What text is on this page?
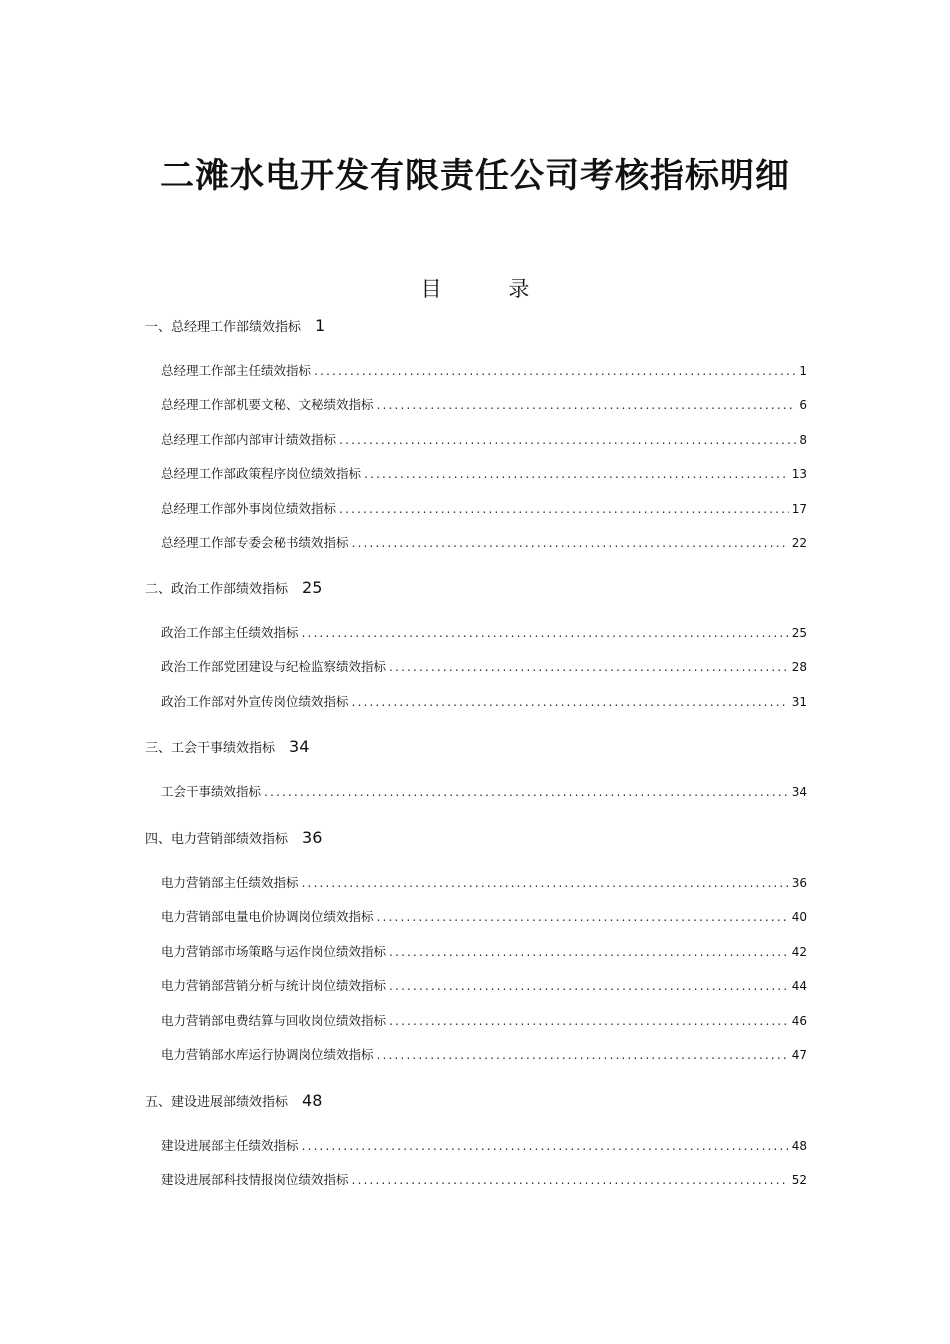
二滩水电开发有限责任公司考核指标明细
目 录
一、总经理工作部绩效指标 1
总经理工作部主任绩效指标 .....	1
总经理工作部机要文秘、文秘绩效指标 .....	6
总经理工作部内部审计绩效指标 .....	8
总经理工作部政策程序岗位绩效指标 .....	13
总经理工作部外事岗位绩效指标 .....	17
总经理工作部专委会秘书绩效指标 .....	22
二、政治工作部绩效指标 25
政治工作部主任绩效指标 .....	25
政治工作部党团建设与纪检监察绩效指标 .....	28
政治工作部对外宣传岗位绩效指标 .....	31
三、工会干事绩效指标 34
工会干事绩效指标 .....	34
四、电力营销部绩效指标 36
电力营销部主任绩效指标 .....	36
电力营销部电量电价协调岗位绩效指标 .....	40
电力营销部市场策略与运作岗位绩效指标 .....	42
电力营销部营销分析与统计岗位绩效指标 .....	44
电力营销部电费结算与回收岗位绩效指标 .....	46
电力营销部水库运行协调岗位绩效指标 .....	47
五、建设进展部绩效指标 48
建设进展部主任绩效指标 .....	48
建设进展部科技情报岗位绩效指标 .....	52
